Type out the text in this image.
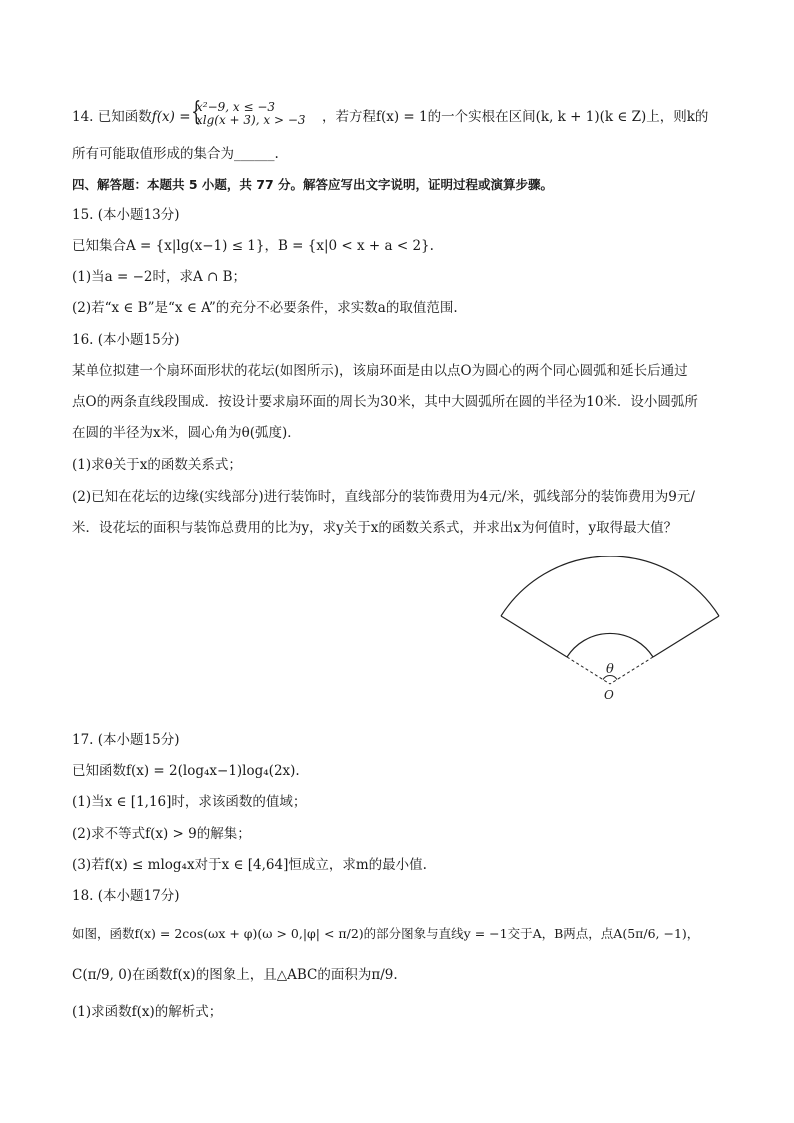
14. 已知函数f(x) = {
x²−9, x ≤ −3
xlg(x + 3), x > −3 ，若方程f(x) = 1的一个实根在区间(k, k + 1)(k ∈ Z)上，则k的
所有可能取值形成的集合为______.
四、解答题：本题共 5 小题，共 77 分。解答应写出文字说明，证明过程或演算步骤。
15. (本小题13分)
已知集合A = {x|lg(x−1) ≤ 1}，B = {x|0 < x + a < 2}.
(1)当a = −2时，求A ∩ B；
(2)若“x ∈ B”是“x ∈ A”的充分不必要条件，求实数a的取值范围.
16. (本小题15分)
某单位拟建一个扇环面形状的花坛(如图所示)，该扇环面是由以点O为圆心的两个同心圆弧和延长后通过
点O的两条直线段围成．按设计要求扇环面的周长为30米，其中大圆弧所在圆的半径为10米．设小圆弧所
在圆的半径为x米，圆心角为θ(弧度)．
(1)求θ关于x的函数关系式；
(2)已知在花坛的边缘(实线部分)进行装饰时，直线部分的装饰费用为4元/米，弧线部分的装饰费用为9元/
米．设花坛的面积与装饰总费用的比为y，求y关于x的函数关系式，并求出x为何值时，y取得最大值？
θ
O
17. (本小题15分)
已知函数f(x) = 2(log₄x−1)log₄(2x).
(1)当x ∈ [1,16]时，求该函数的值域；
(2)求不等式f(x) > 9的解集；
(3)若f(x) ≤ mlog₄x对于x ∈ [4,64]恒成立，求m的最小值.
18. (本小题17分)
如图，函数f(x) = 2cos(ωx + φ)(ω > 0,|φ| < π/2)的部分图象与直线y = −1交于A，B两点，点A(5π/6, −1)，
C(π/9, 0)在函数f(x)的图象上，且△ABC的面积为π/9.
(1)求函数f(x)的解析式；
